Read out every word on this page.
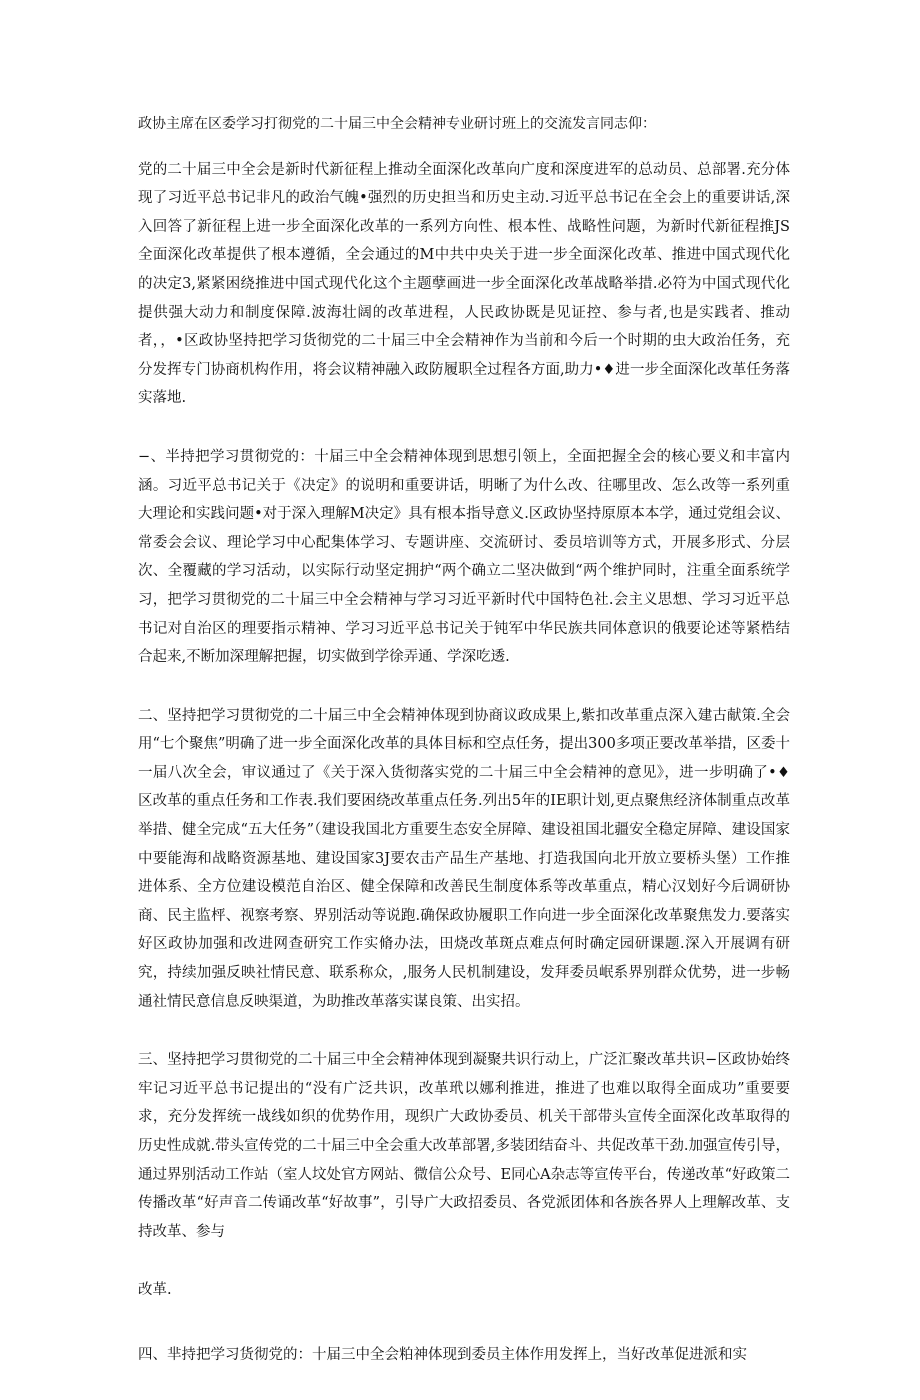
政协主席在区委学习打彻党的二十届三中全会精神专业研讨班上的交流发言同志仰：

党的二十届三中全会是新时代新征程上推动全面深化改革向广度和深度进军的总动员、总部署.充分体现了习近平总书记非凡的政治气魄•强烈的历史担当和历史主动.习近平总书记在全会上的重要讲话,深入回答了新征程上进一步全面深化改革的一系列方向性、根本性、战略性问题，为新时代新征程推JS全面深化改革提供了根本遵循，全会通过的M中共中央关于进一步全面深化改革、推进中国式现代化的决定3,紧紧困绕推进中国式现代化这个主题孽画进一步全面深化改革战略举措.必符为中国式现代化提供强大动力和制度保障.波海壮阔的改革进程，人民政协既是见证控、参与者,也是实践者、推动者，，•区政协坚持把学习货彻党的二十届三中全会精神作为当前和今后一个时期的虫大政治任务，充分发挥专门协商机构作用，将会议精神融入政防履职全过程各方面,助力•♦进一步全面深化改革任务落实落地.

−、半持把学习贯彻党的：十届三中全会精神体现到思想引领上，全面把握全会的核心要义和丰富内涵。习近平总书记关于《决定》的说明和重要讲话，明晰了为什么改、往哪里改、怎么改等一系列重大理论和实践问题•对于深入理解M决定》具有根本指导意义.区政协坚持原原本本学，通过党组会议、常委会会议、理论学习中心配集体学习、专题讲座、交流研讨、委员培训等方式，开展多形式、分层次、全覆藏的学习活动，以实际行动坚定拥护“两个确立二坚决做到“两个维护同时，注重全面系统学习，把学习贯彻党的二十届三中全会精神与学习习近平新时代中国特色社.会主义思想、学习习近平总书记对自治区的理要指示精神、学习习近平总书记关于钝军中华民族共同体意识的俄要论述等紧梏结合起来,不断加深理解把握，切实做到学徐弄通、学深吃透.

二、坚持把学习贯彻党的二十届三中全会精神体现到协商议政成果上,紫扣改革重点深入建古献策.全会用“七个聚焦”明确了进一步全面深化改革的具体目标和空点任务，提出300多项正要改革举措，区委十一届八次全会，审议通过了《关于深入货彻落实党的二十届三中全会精神的意见》，进一步明确了•♦区改革的重点任务和工作表.我们要困绕改革重点任务.列出5年的IE职计划,更点聚焦经济体制重点改革举措、健全完成“五大任务”（建设我国北方重要生态安全屏障、建设祖国北疆安全稳定屏障、建设国家中要能海和战略资源基地、建设国家3J要农击产品生产基地、打造我国向北开放立要桥头堡）工作推进体系、全方位建设模范自治区、健全保障和改善民生制度体系等改革重点，精心汉划好今后调研协商、民主监枰、视察考察、界别活动等说跑.确保政协履职工作向进一步全面深化改革聚焦发力.要落实好区政协加强和改进网查研究工作实脩办法，田烧改革斑点难点何时确定园研课题.深入开展调有研究，持续加强反映社情民意、联系称众，,服务人民机制建设，发拜委员岷系界别群众优势，进一步畅通社情民意信息反映渠道，为助推改革落实谋良策、出实招。

三、坚持把学习贯彻党的二十届三中全会精神体现到凝聚共识行动上，广泛汇聚改革共识−区政协始终牢记习近平总书记提出的“没有广泛共识，改革玳以娜利推进，推进了也难以取得全面成功”重要要求，充分发挥统一战线如织的优势作用，现织广大政协委员、机关干部带头宣传全面深化改革取得的历史性成就.带头宣传党的二十届三中全会重大改革部署,多装团结奋斗、共促改革干劲.加强宣传引导，通过界别活动工作站（室人坟处官方网站、微信公众号、E同心A杂志等宣传平台，传递改革“好政策二传播改革“好声音二传诵改革“好故事”，引导广大政招委员、各党派团体和各族各界人上理解改革、支持改革、参与

改革.

四、芈持把学习货彻党的：十届三中全会粕神体现到委员主体作用发挥上，当好改革促进派和实
